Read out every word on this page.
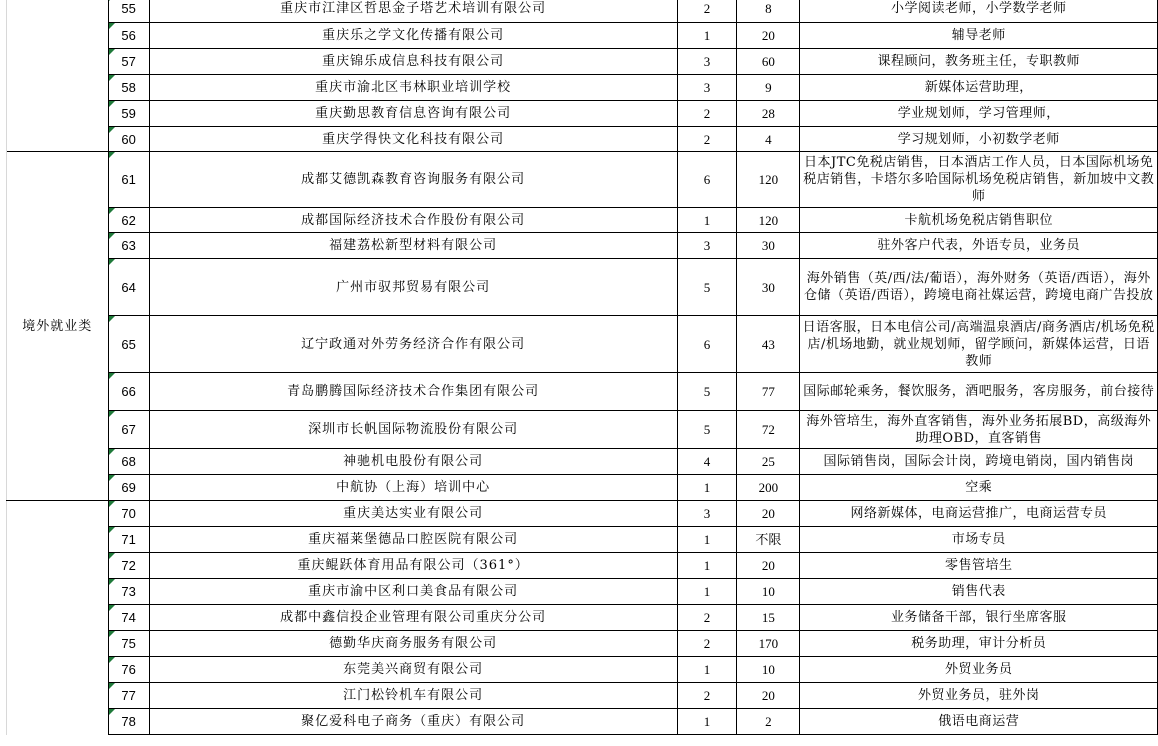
55	重庆市江津区哲思金子塔艺术培训有限公司	2	8	小学阅读老师，小学数学老师

56	重庆乐之学文化传播有限公司	1	20	辅导老师

57	重庆锦乐成信息科技有限公司	3	60	课程顾问，教务班主任，专职教师

58	重庆市渝北区韦林职业培训学校	3	9	新媒体运营助理，

59	重庆勤思教育信息咨询有限公司	2	28	学业规划师，学习管理师，

60	重庆学得快文化科技有限公司	2	4	学习规划师，小初数学老师
境外就业类	61	成都艾德凯森教育咨询服务有限公司	6	120	日本JTC免税店销售，日本酒店工作人员，日本国际机场免税店销售，卡塔尔多哈国际机场免税店销售，新加坡中文教师

62	成都国际经济技术合作股份有限公司	1	120	卡航机场免税店销售职位

63	福建荔松新型材料有限公司	3	30	驻外客户代表，外语专员，业务员

64	广州市驭邦贸易有限公司	5	30	海外销售（英/西/法/葡语），海外财务（英语/西语），海外仓储（英语/西语），跨境电商社媒运营，跨境电商广告投放

65	辽宁政通对外劳务经济合作有限公司	6	43	日语客服，日本电信公司/高端温泉酒店/商务酒店/机场免税店/机场地勤，就业规划师，留学顾问，新媒体运营，日语教师

66	青岛鹏腾国际经济技术合作集团有限公司	5	77	国际邮轮乘务，餐饮服务，酒吧服务，客房服务，前台接待

67	深圳市长帆国际物流股份有限公司	5	72	海外管培生，海外直客销售，海外业务拓展BD，高级海外助理OBD，直客销售

68	神驰机电股份有限公司	4	25	国际销售岗，国际会计岗，跨境电销岗，国内销售岗

69	中航协（上海）培训中心	1	200	空乘

70	重庆美达实业有限公司	3	20	网络新媒体，电商运营推广，电商运营专员

71	重庆福莱堡德品口腔医院有限公司	1	不限	市场专员

72	重庆鲲跃体育用品有限公司（361°）	1	20	零售管培生

73	重庆市渝中区利口美食品有限公司	1	10	销售代表

74	成都中鑫信投企业管理有限公司重庆分公司	2	15	业务储备干部，银行坐席客服

75	德勤华庆商务服务有限公司	2	170	税务助理，审计分析员

76	东莞美兴商贸有限公司	1	10	外贸业务员

77	江门松铃机车有限公司	2	20	外贸业务员，驻外岗

78	聚亿爱科电子商务（重庆）有限公司	1	2	俄语电商运营
